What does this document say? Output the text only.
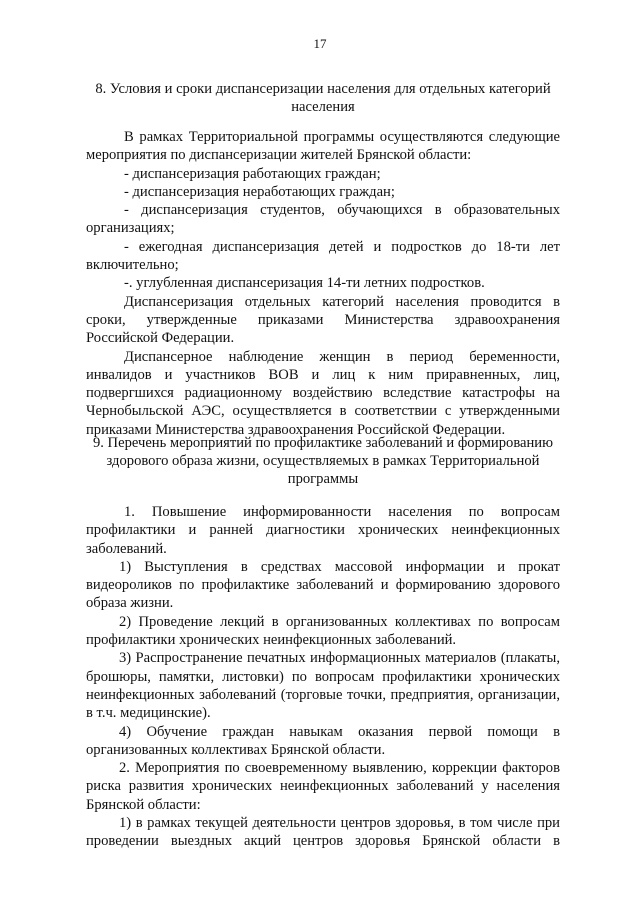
17
8. Условия и сроки диспансеризации населения для отдельных категорий населения

В рамках Территориальной программы осуществляются следующие мероприятия по диспансеризации жителей Брянской области:

- диспансеризация работающих граждан;

- диспансеризация неработающих граждан;

- диспансеризация студентов, обучающихся в образовательных организациях;

- ежегодная диспансеризация детей и подростков до 18-ти лет включительно;

-. углубленная диспансеризация 14-ти летних подростков.

Диспансеризация отдельных категорий населения проводится в сроки, утвержденные приказами Министерства здравоохранения Российской Федерации.

Диспансерное наблюдение женщин в период беременности, инвалидов и участников ВОВ и лиц к ним приравненных, лиц, подвергшихся радиационному воздействию вследствие катастрофы на Чернобыльской АЭС, осуществляется в соответствии с утвержденными приказами Министерства здравоохранения Российской Федерации.

9. Перечень мероприятий по профилактике заболеваний и формированию здорового образа жизни, осуществляемых в рамках Территориальной программы

1. Повышение информированности населения по вопросам профилактики и ранней диагностики хронических неинфекционных заболеваний.

1) Выступления в средствах массовой информации и прокат видеороликов по профилактике заболеваний и формированию здорового образа жизни.

2) Проведение лекций в организованных коллективах по вопросам профилактики хронических неинфекционных заболеваний.

3) Распространение печатных информационных материалов (плакаты, брошюры, памятки, листовки) по вопросам профилактики хронических неинфекционных заболеваний (торговые точки, предприятия, организации, в т.ч. медицинские).

4) Обучение граждан навыкам оказания первой помощи в организованных коллективах Брянской области.

2. Мероприятия по своевременному выявлению, коррекции факторов риска развития хронических неинфекционных заболеваний у населения Брянской области:

1) в рамках текущей деятельности центров здоровья, в том числе при проведении выездных акций центров здоровья Брянской области в
